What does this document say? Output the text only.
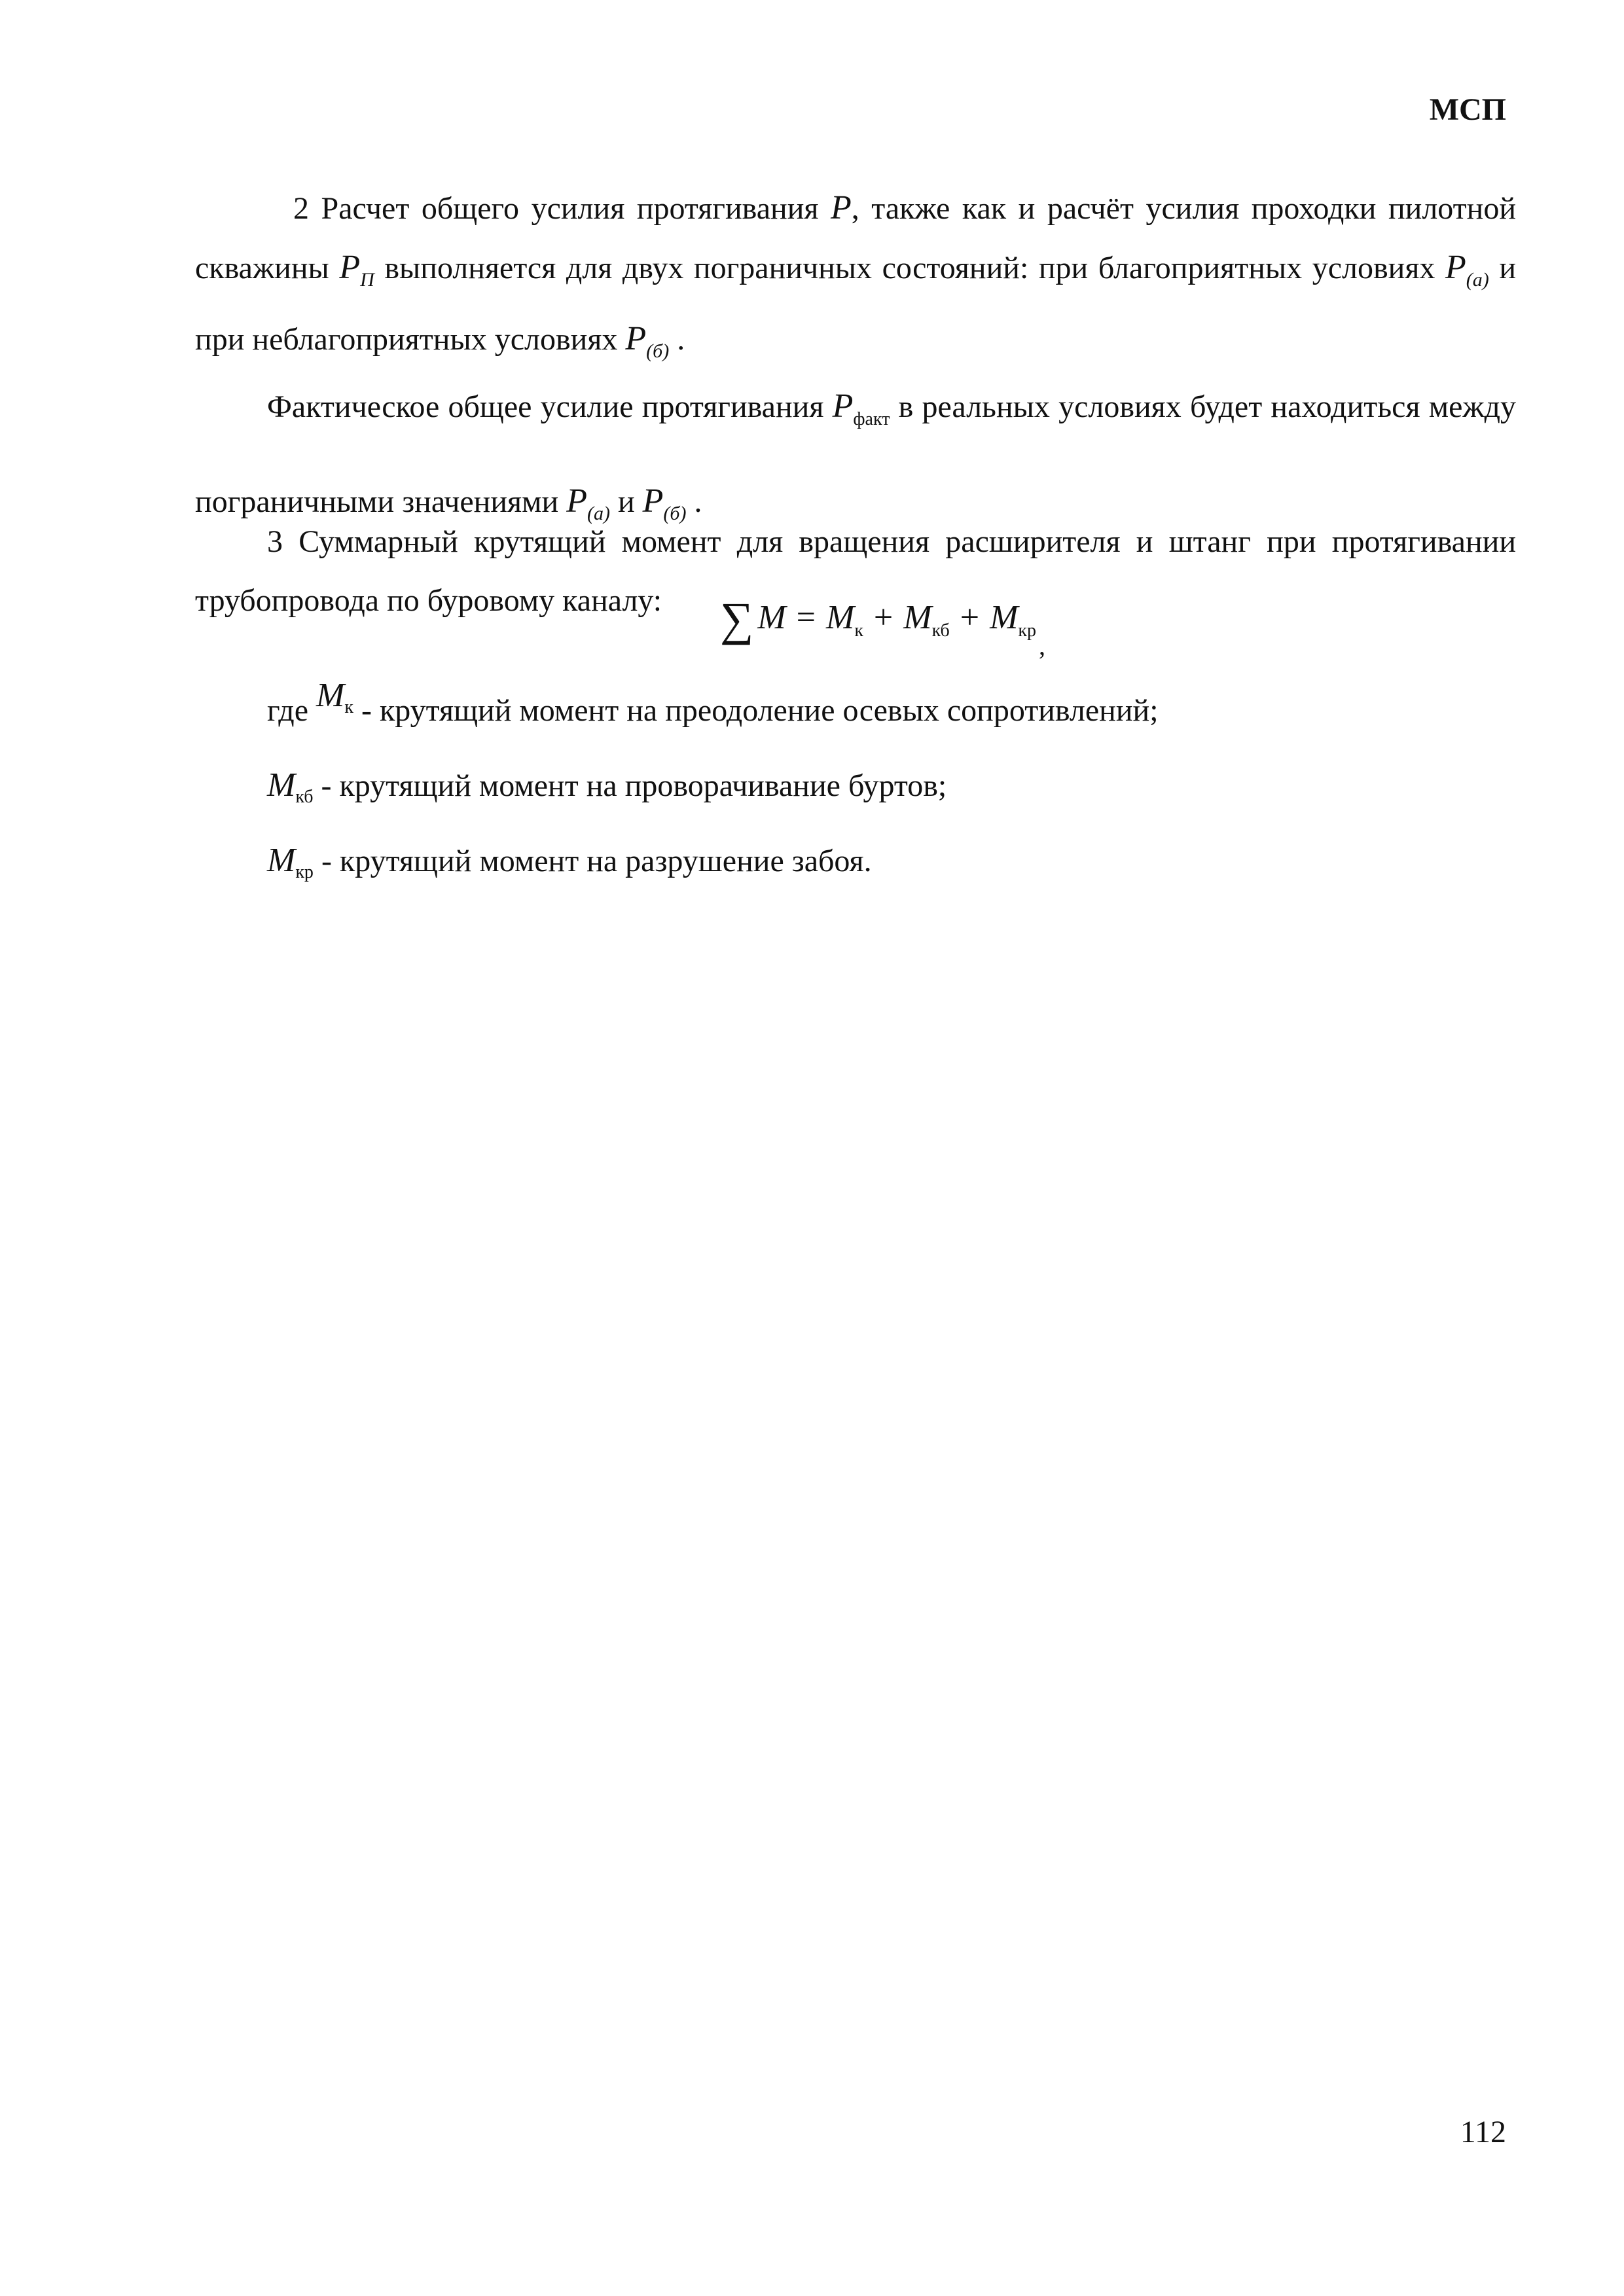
МСП

2 Расчет общего усилия протягивания P, также как и расчёт усилия проходки пилотной скважины $P_П$ выполняется для двух пограничных состояний: при благоприятных условиях $P_{(а)}$ и при неблагоприятных условиях $P_{(б)}$ .

Фактическое общее усилие протягивания $P_{факт}$ в реальных условиях будет находиться между пограничными значениями $P_{(а)}$ и $P_{(б)}$ .

3 Суммарный крутящий момент для вращения расширителя и штанг при протягивании трубопровода по буровому каналу:	∑ $M = M_к + M_{кб} + M_{кр,}$
где $M_к$ - крутящий момент на преодоление осевых сопротивлений;
$M_{кб}$ - крутящий момент на проворачивание буртов;
$M_{кр}$ - крутящий момент на разрушение забоя.
112
